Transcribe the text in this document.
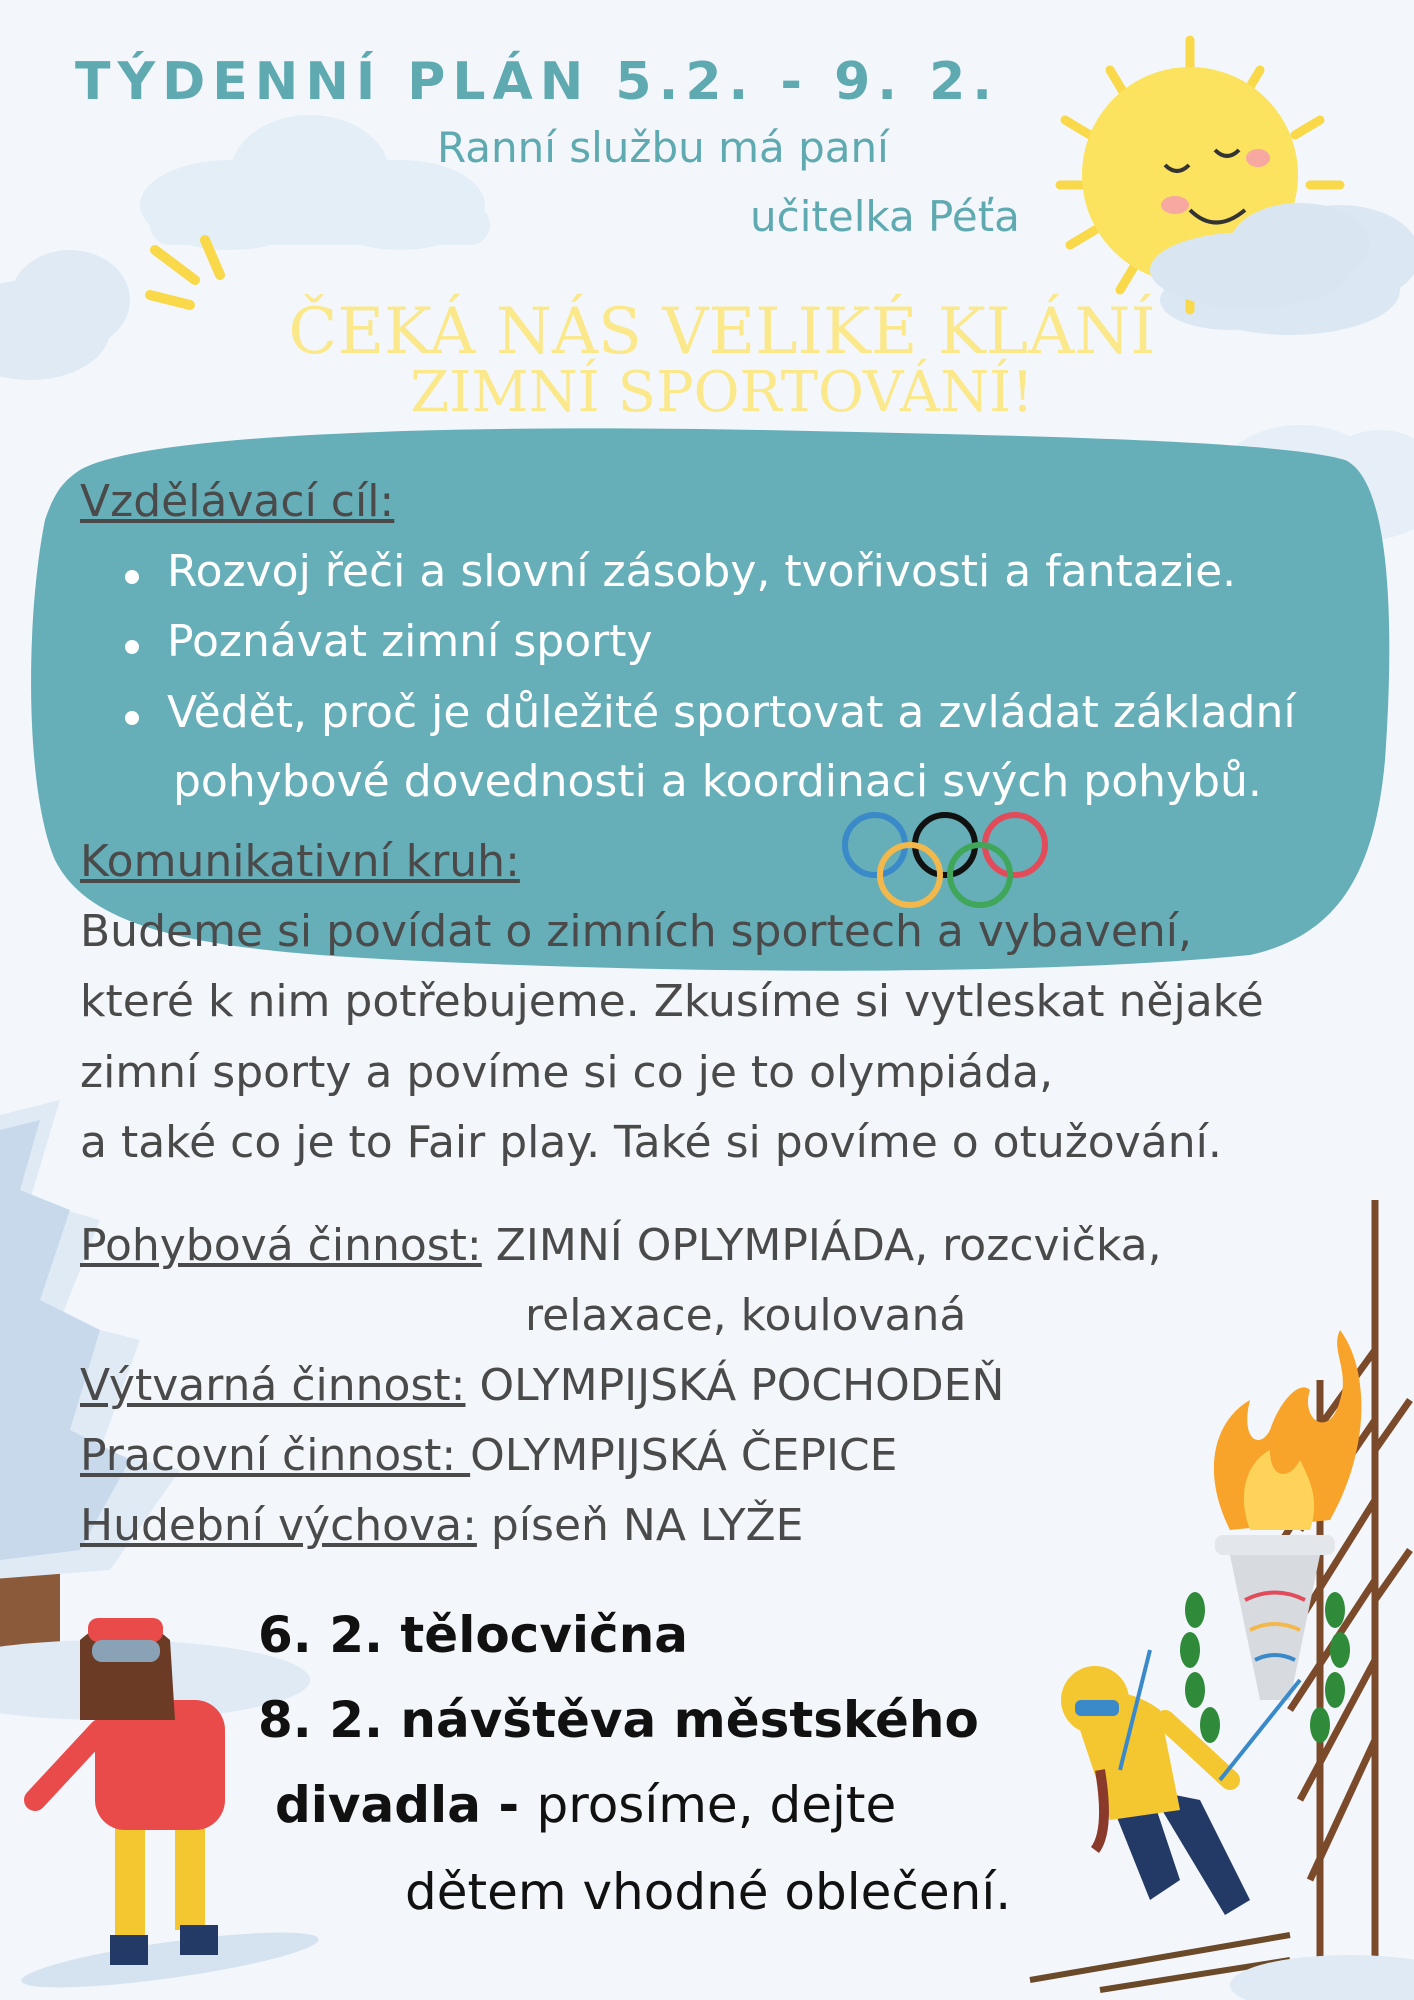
TÝDENNÍ PLÁN 5.2. - 9. 2.
Ranní službu má paní
učitelka Péťa
ČEKÁ NÁS VELIKÉ KLÁNÍ
ZIMNÍ SPORTOVÁNÍ!
Vzdělávací cíl:
Rozvoj řeči a slovní zásoby, tvořivosti a fantazie.
Poznávat zimní sporty
Vědět, proč je důležité sportovat a zvládat základní
pohybové dovednosti a koordinaci svých pohybů.
Komunikativní kruh:
Budeme si povídat o zimních sportech a vybavení,
které k nim potřebujeme. Zkusíme si vytleskat nějaké
zimní sporty a povíme si co je to olympiáda,
a také co je to Fair play. Také si povíme o otužování.
Pohybová činnost: ZIMNÍ OPLYMPIÁDA, rozcvička,
relaxace, koulovaná
Výtvarná činnost: OLYMPIJSKÁ POCHODEŇ
Pracovní činnost: OLYMPIJSKÁ ČEPICE
Hudební výchova: píseň NA LYŽE
6. 2. tělocvična
8. 2. návštěva městského
divadla - prosíme, dejte
dětem vhodné oblečení.
